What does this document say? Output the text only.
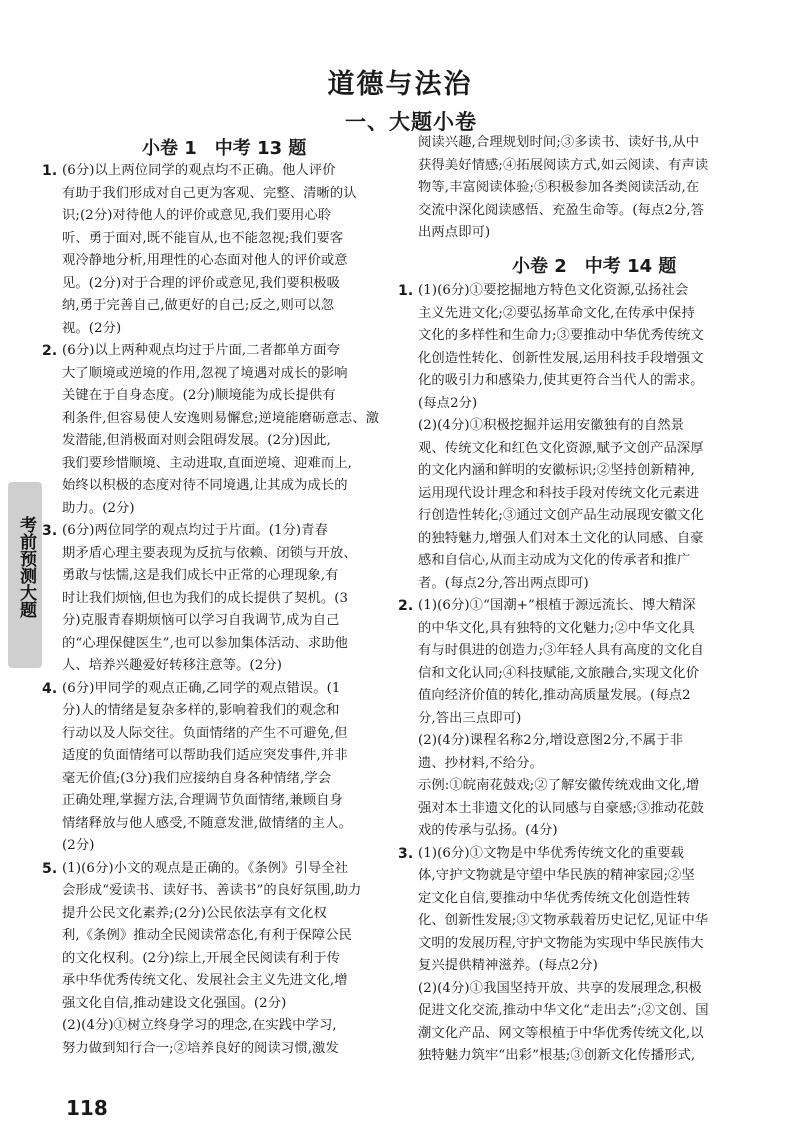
道德与法治
一、大题小卷
考前预测大题
小卷 1 中考 13 题
1. (6分)以上两位同学的观点均不正确。他人评价
有助于我们形成对自己更为客观、完整、清晰的认
识;(2分)对待他人的评价或意见,我们要用心聆
听、勇于面对,既不能盲从,也不能忽视;我们要客
观冷静地分析,用理性的心态面对他人的评价或意
见。(2分)对于合理的评价或意见,我们要积极吸
纳,勇于完善自己,做更好的自己;反之,则可以忽
视。(2分)
2. (6分)以上两种观点均过于片面,二者都单方面夸
大了顺境或逆境的作用,忽视了境遇对成长的影响
关键在于自身态度。(2分)顺境能为成长提供有
利条件,但容易使人安逸则易懈怠;逆境能磨砺意志、激
发潜能,但消极面对则会阻碍发展。(2分)因此,
我们要珍惜顺境、主动进取,直面逆境、迎难而上,
始终以积极的态度对待不同境遇,让其成为成长的
助力。(2分)
3. (6分)两位同学的观点均过于片面。(1分)青春
期矛盾心理主要表现为反抗与依赖、闭锁与开放、
勇敢与怯懦,这是我们成长中正常的心理现象,有
时让我们烦恼,但也为我们的成长提供了契机。(3
分)克服青春期烦恼可以学习自我调节,成为自己
的“心理保健医生”,也可以参加集体活动、求助他
人、培养兴趣爱好转移注意等。(2分)
4. (6分)甲同学的观点正确,乙同学的观点错误。(1
分)人的情绪是复杂多样的,影响着我们的观念和
行动以及人际交往。负面情绪的产生不可避免,但
适度的负面情绪可以帮助我们适应突发事件,并非
毫无价值;(3分)我们应接纳自身各种情绪,学会
正确处理,掌握方法,合理调节负面情绪,兼顾自身
情绪释放与他人感受,不随意发泄,做情绪的主人。
(2分)
5. (1)(6分)小文的观点是正确的。《条例》引导全社
会形成“爱读书、读好书、善读书”的良好氛围,助力
提升公民文化素养;(2分)公民依法享有文化权
利,《条例》推动全民阅读常态化,有利于保障公民
的文化权利。(2分)综上,开展全民阅读有利于传
承中华优秀传统文化、发展社会主义先进文化,增
强文化自信,推动建设文化强国。(2分)
(2)(4分)①树立终身学习的理念,在实践中学习,
努力做到知行合一;②培养良好的阅读习惯,激发
阅读兴趣,合理规划时间;③多读书、读好书,从中
获得美好情感;④拓展阅读方式,如云阅读、有声读
物等,丰富阅读体验;⑤积极参加各类阅读活动,在
交流中深化阅读感悟、充盈生命等。(每点2分,答
出两点即可)
小卷 2 中考 14 题
1. (1)(6分)①要挖掘地方特色文化资源,弘扬社会
主义先进文化;②要弘扬革命文化,在传承中保持
文化的多样性和生命力;③要推动中华优秀传统文
化创造性转化、创新性发展,运用科技手段增强文
化的吸引力和感染力,使其更符合当代人的需求。
(每点2分)
(2)(4分)①积极挖掘并运用安徽独有的自然景
观、传统文化和红色文化资源,赋予文创产品深厚
的文化内涵和鲜明的安徽标识;②坚持创新精神,
运用现代设计理念和科技手段对传统文化元素进
行创造性转化;③通过文创产品生动展现安徽文化
的独特魅力,增强人们对本土文化的认同感、自豪
感和自信心,从而主动成为文化的传承者和推广
者。(每点2分,答出两点即可)
2. (1)(6分)①“国潮+”根植于源远流长、博大精深
的中华文化,具有独特的文化魅力;②中华文化具
有与时俱进的创造力;③年轻人具有高度的文化自
信和文化认同;④科技赋能,文旅融合,实现文化价
值向经济价值的转化,推动高质量发展。(每点2
分,答出三点即可)
(2)(4分)课程名称2分,增设意图2分,不属于非
遗、抄材料,不给分。
示例:①皖南花鼓戏;②了解安徽传统戏曲文化,增
强对本土非遗文化的认同感与自豪感;③推动花鼓
戏的传承与弘扬。(4分)
3. (1)(6分)①文物是中华优秀传统文化的重要载
体,守护文物就是守望中华民族的精神家园;②坚
定文化自信,要推动中华优秀传统文化创造性转
化、创新性发展;③文物承载着历史记忆,见证中华
文明的发展历程,守护文物能为实现中华民族伟大
复兴提供精神滋养。(每点2分)
(2)(4分)①我国坚持开放、共享的发展理念,积极
促进文化交流,推动中华文化“走出去”;②文创、国
潮文化产品、网文等根植于中华优秀传统文化,以
独特魅力筑牢“出彩”根基;③创新文化传播形式,
118
